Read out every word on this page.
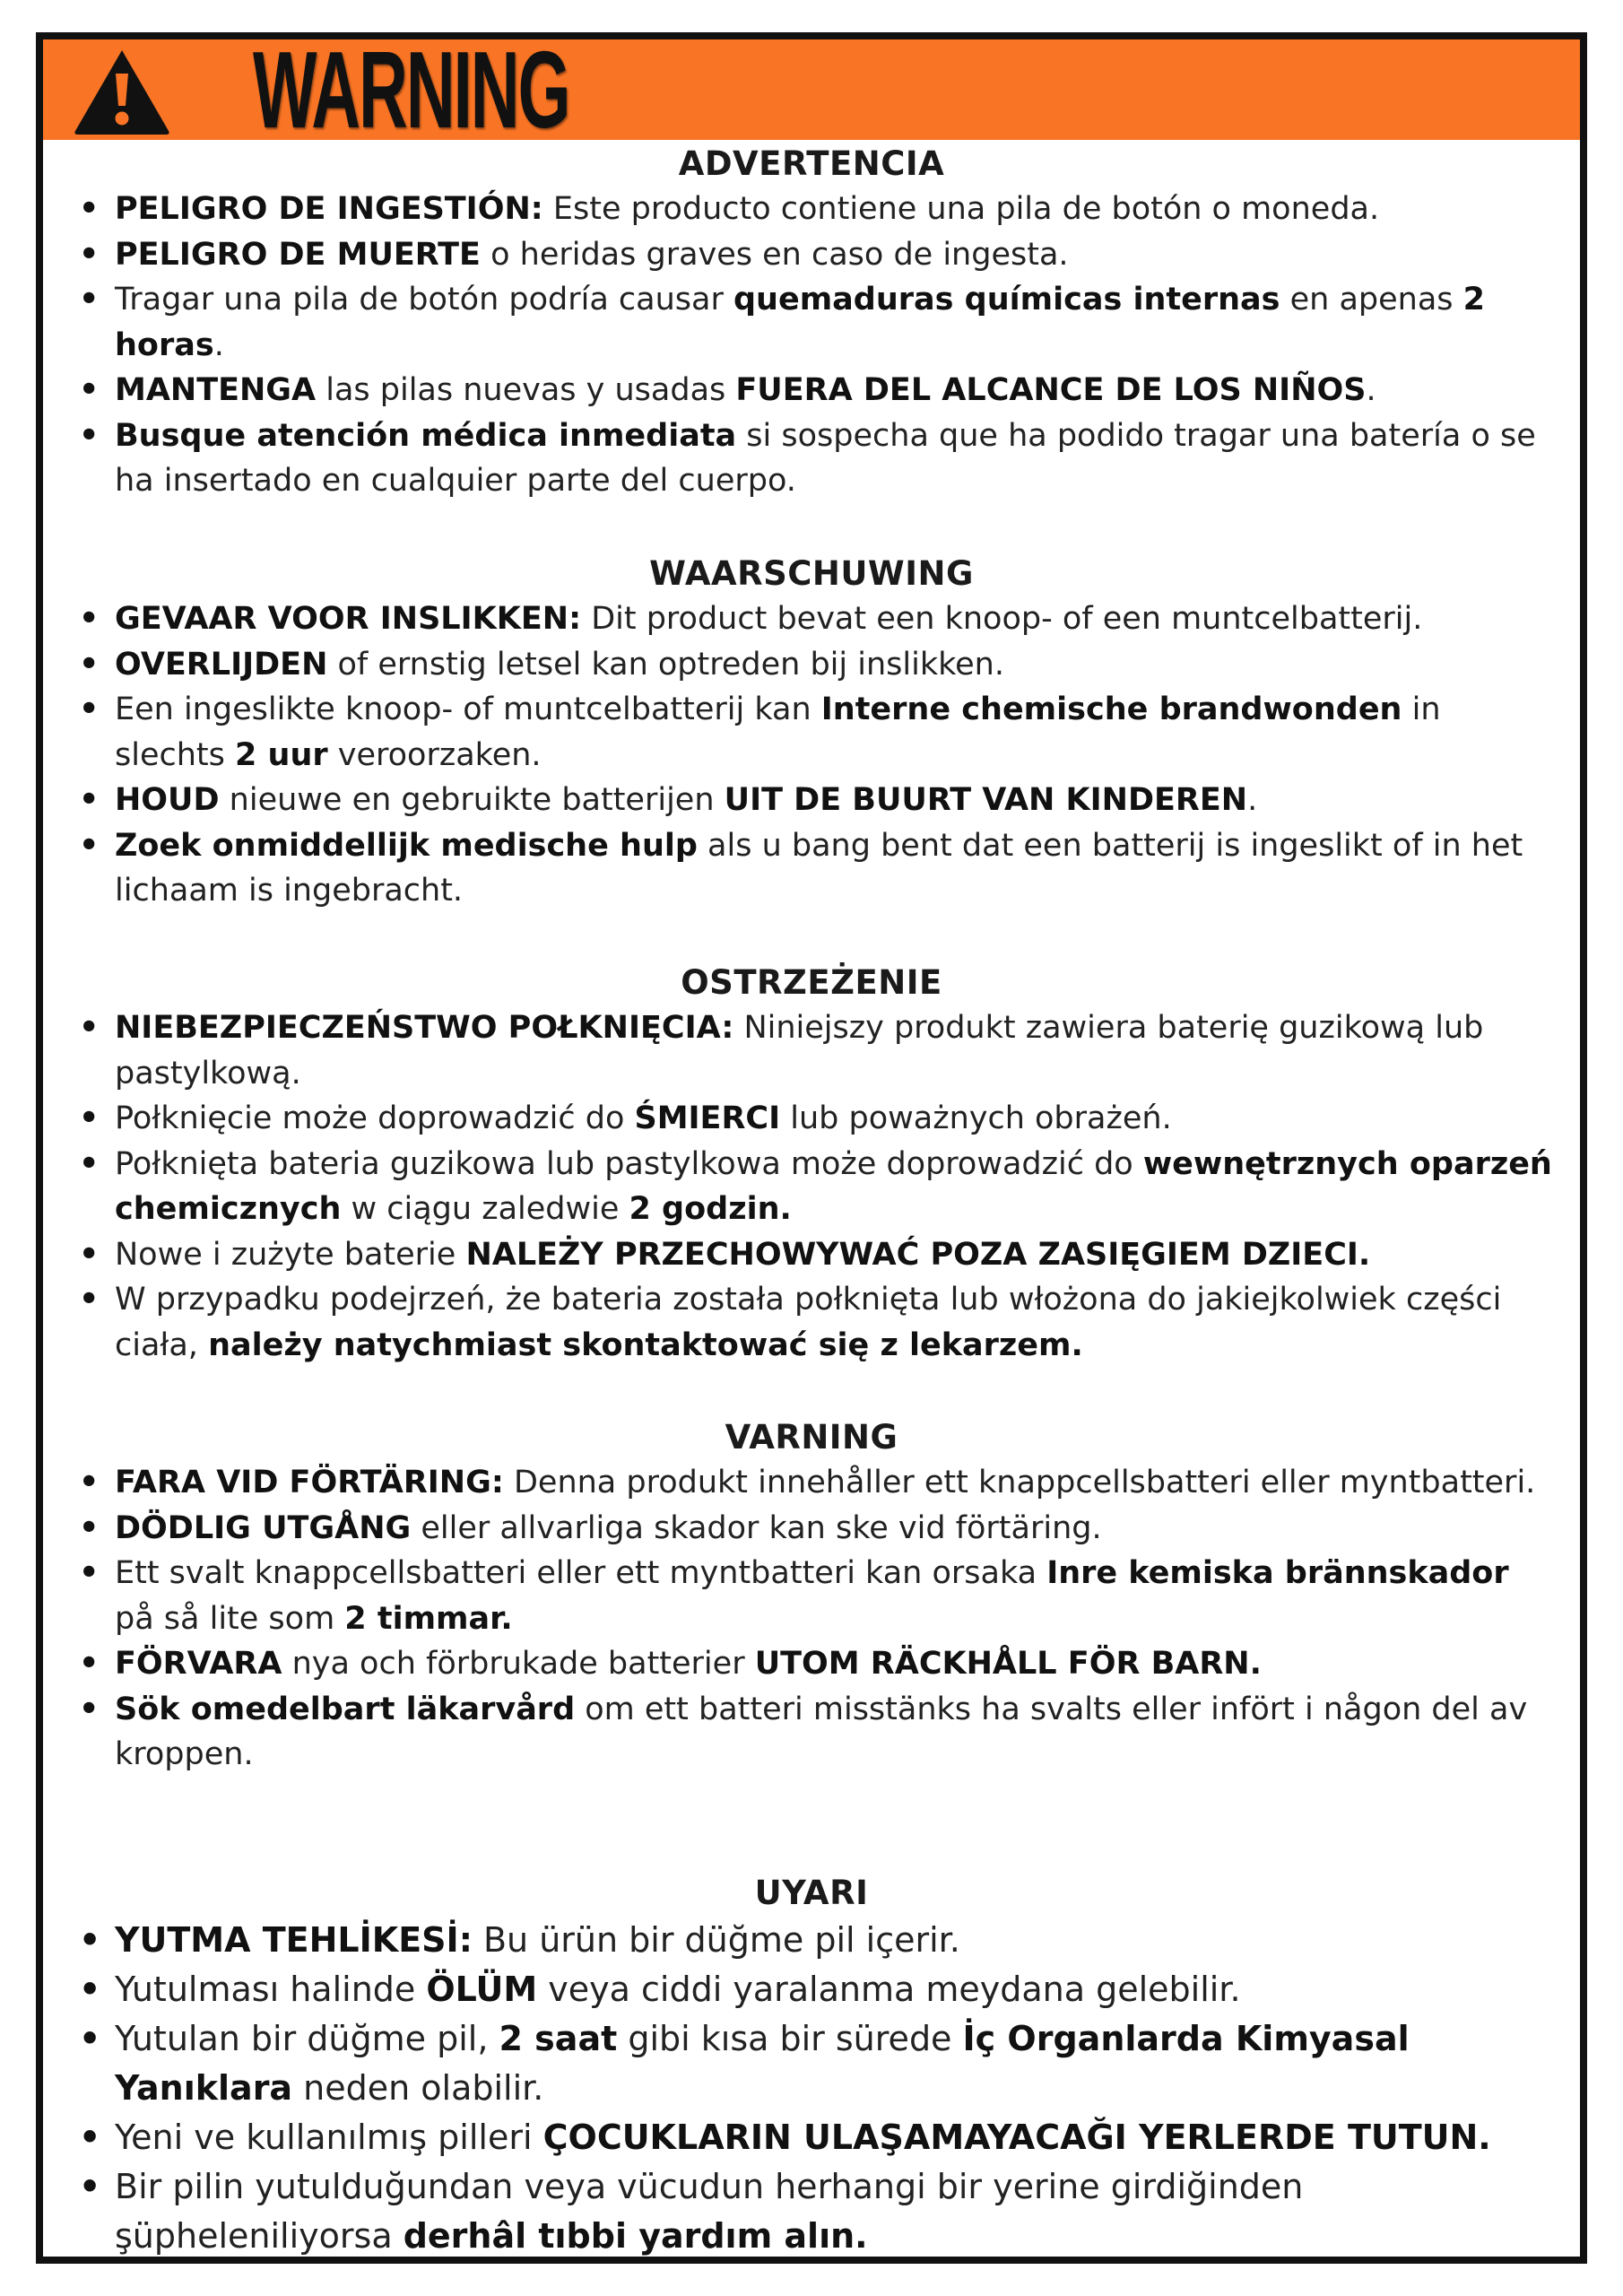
WARNING
ADVERTENCIA
• PELIGRO DE INGESTIÓN: Este producto contiene una pila de botón o moneda.
• PELIGRO DE MUERTE o heridas graves en caso de ingesta.
• Tragar una pila de botón podría causar quemaduras químicas internas en apenas 2 horas.
• MANTENGA las pilas nuevas y usadas FUERA DEL ALCANCE DE LOS NIÑOS.
• Busque atención médica inmediata si sospecha que ha podido tragar una batería o se ha insertado en cualquier parte del cuerpo.
WAARSCHUWING
• GEVAAR VOOR INSLIKKEN: Dit product bevat een knoop- of een muntcelbatterij.
• OVERLIJDEN of ernstig letsel kan optreden bij inslikken.
• Een ingeslikte knoop- of muntcelbatterij kan Interne chemische brandwonden in slechts 2 uur veroorzaken.
• HOUD nieuwe en gebruikte batterijen UIT DE BUURT VAN KINDEREN.
• Zoek onmiddellijk medische hulp als u bang bent dat een batterij is ingeslikt of in het lichaam is ingebracht.
OSTRZEŻENIE
• NIEBEZPIECZEŃSTWO POŁKNIĘCIA: Niniejszy produkt zawiera baterię guzikową lub pastylkową.
• Połknięcie może doprowadzić do ŚMIERCI lub poważnych obrażeń.
• Połknięta bateria guzikowa lub pastylkowa może doprowadzić do wewnętrznych oparzeń chemicznych w ciągu zaledwie 2 godzin.
• Nowe i zużyte baterie NALEŻY PRZECHOWYWAĆ POZA ZASIĘGIEM DZIECI.
• W przypadku podejrzeń, że bateria została połknięta lub włożona do jakiejkolwiek części ciała, należy natychmiast skontaktować się z lekarzem.
VARNING
• FARA VID FÖRTÄRING: Denna produkt innehåller ett knappcellsbatteri eller myntbatteri.
• DÖDLIG UTGÅNG eller allvarliga skador kan ske vid förtäring.
• Ett svalt knappcellsbatteri eller ett myntbatteri kan orsaka Inre kemiska brännskador på så lite som 2 timmar.
• FÖRVARA nya och förbrukade batterier UTOM RÄCKHÅLL FÖR BARN.
• Sök omedelbart läkarvård om ett batteri misstänks ha svalts eller infört i någon del av kroppen.
UYARI
• YUTMA TEHLİKESİ: Bu ürün bir düğme pil içerir.
• Yutulması halinde ÖLÜM veya ciddi yaralanma meydana gelebilir.
• Yutulan bir düğme pil, 2 saat gibi kısa bir sürede İç Organlarda Kimyasal Yanıklara neden olabilir.
• Yeni ve kullanılmış pilleri ÇOCUKLARIN ULAŞAMAYACAĞI YERLERDE TUTUN.
• Bir pilin yutulduğundan veya vücudun herhangi bir yerine girdiğinden şüpheleniliyorsa derhâl tıbbi yardım alın.
